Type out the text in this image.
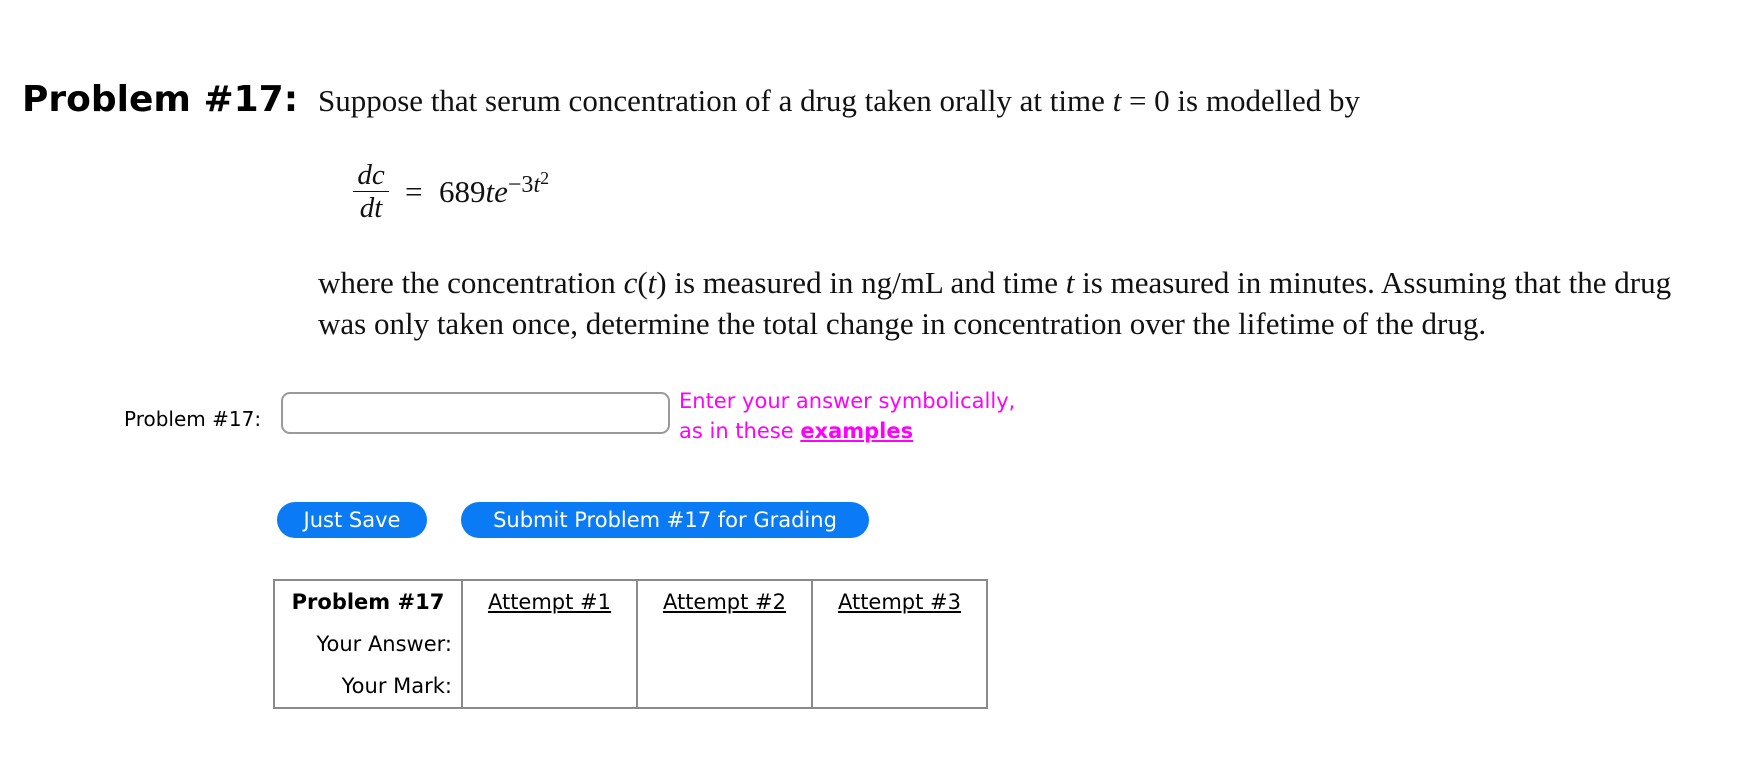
Problem #17: Suppose that serum concentration of a drug taken orally at time t = 0 is modelled by
dc
dt = $689te^{-3t^2}$
where the concentration c(t) is measured in ng/mL and time t is measured in minutes. Assuming that the drug
was only taken once, determine the total change in concentration over the lifetime of the drug.
Problem #17:
Enter your answer symbolically,
as in these examples
Just Save	Submit Problem #17 for Grading
Problem #17	Attempt #1	Attempt #2	Attempt #3
Your Answer:			
Your Mark:			
